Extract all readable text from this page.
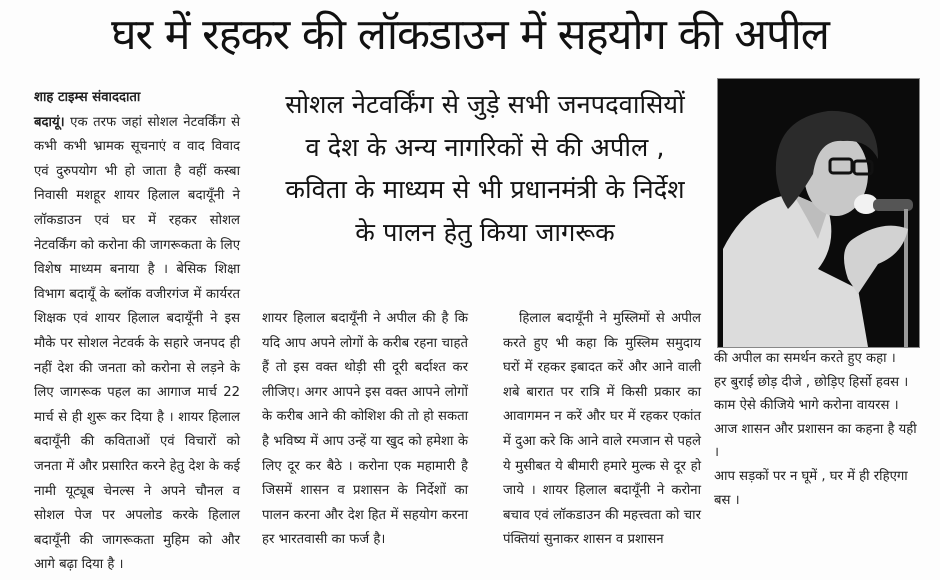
घर में रहकर की लॉकडाउन में सहयोग की अपील
शाह टाइम्स संवाददाता

बदायूं। एक तरफ जहां सोशल नेटवर्किंग से कभी कभी भ्रामक सूचनाएं व वाद विवाद एवं दुरुपयोग भी हो जाता है वहीं कस्बा निवासी मशहूर शायर हिलाल बदायूँनी ने लॉकडाउन एवं घर में रहकर सोशल नेटवर्किंग को करोना की जागरूकता के लिए विशेष माध्यम बनाया है । बेसिक शिक्षा विभाग बदायूँ के ब्लॉक वजीरगंज में कार्यरत शिक्षक एवं शायर हिलाल बदायूँनी ने इस मौके पर सोशल नेटवर्क के सहारे जनपद ही नहीं देश की जनता को करोना से लड़ने के लिए जागरूक पहल का आगाज मार्च 22 मार्च से ही शुरू कर दिया है । शायर हिलाल बदायूँनी की कविताओं एवं विचारों को जनता में और प्रसारित करने हेतु देश के कई नामी यूट्यूब चेनल्स ने अपने चौनल व सोशल पेज पर अपलोड करके हिलाल बदायूँनी की जागरूकता मुहिम को और आगे बढ़ा दिया है ।

सोशल नेटवर्किंग से जुड़े सभी जनपदवासियों व देश के अन्य नागरिकों से की अपील , कविता के माध्यम से भी प्रधानमंत्री के निर्देश के पालन हेतु किया जागरूक

शायर हिलाल बदायूँनी ने अपील की है कि यदि आप अपने लोगों के करीब रहना चाहते हैं तो इस वक्त थोड़ी सी दूरी बर्दाश्त कर लीजिए। अगर आपने इस वक्त आपने लोगों के करीब आने की कोशिश की तो हो सकता है भविष्य में आप उन्हें या खुद को हमेशा के लिए दूर कर बैठे । करोना एक महामारी है जिसमें शासन व प्रशासन के निर्देशों का पालन करना और देश हित में सहयोग करना हर भारतवासी का फर्ज है।

हिलाल बदायूँनी ने मुस्लिमों से अपील करते हुए भी कहा कि मुस्लिम समुदाय घरों में रहकर इबादत करें और आने वाली शबे बारात पर रात्रि में किसी प्रकार का आवागमन न करें और घर में रहकर एकांत में दुआ करे कि आने वाले रमजान से पहले ये मुसीबत ये बीमारी हमारे मुल्क से दूर हो जाये । शायर हिलाल बदायूँनी ने करोना बचाव एवं लॉकडाउन की महत्त्वता को चार पंक्तियां सुनाकर शासन व प्रशासन

की अपील का समर्थन करते हुए कहा ।
हर बुराई छोड़ दीजे , छोड़िए हिर्सो हवस ।
काम ऐसे कीजिये भागे करोना वायरस ।
आज शासन और प्रशासन का कहना है यही ।
आप सड़कों पर न घूमें , घर में ही रहिएगा बस ।
